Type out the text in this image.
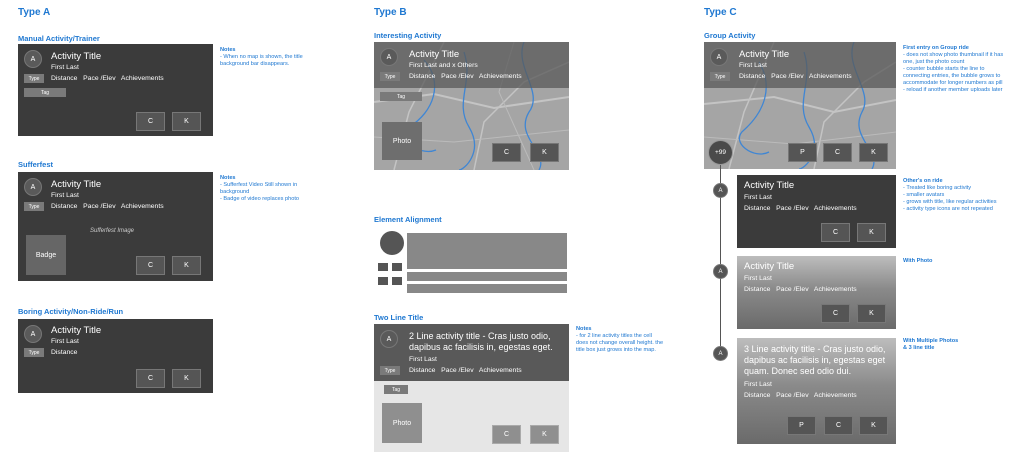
Type A
Manual Activity/Trainer
A	Activity Title
First Last
Type	Distance Pace /Elev Achievements
Tag
C	K
Notes
- When no map is shown, the title
background bar disappears.
Sufferfest
A	Activity Title
First Last
Type	Distance Pace /Elev Achievements
Sufferfest Image
Badge
C	K
Notes
- Sufferfest Video Still shown in
background
- Badge of video replaces photo
Boring Activity/Non-Ride/Run
A	Activity Title
First Last
Type	Distance
C	K
Type B
Interesting Activity
A	Activity Title
First Last and x Others
Type	Distance Pace /Elev Achievements
Tag
Photo
C	K
Element Alignment
Two Line Title
A	2 Line activity title - Cras justo odio,
dapibus ac facilisis in, egestas eget.
First Last
Type	Distance Pace /Elev Achievements
Tag
Photo
C	K
Notes
- for 2 line activity titles the cell
does not change overall height. the
title box just grows into the map.
Type C
Group Activity
A	Activity Title
First Last
Type	Distance Pace /Elev Achievements
P	C	K
+99
First entry on Group ride
- does not show photo thumbnail if it has
one, just the photo count
- counter bubble starts the line to
connecting entries, the bubble grows to
accommodate for longer numbers as pill
- reload if another member uploads later
A	Activity Title
First Last
Distance Pace /Elev Achievements
C	K
Other's on ride
- Treated like boring activity
- smaller avatars
- grows with title, like regular activities
- activity type icons are not repeated
A	Activity Title
First Last
Distance Pace /Elev Achievements
C	K
With Photo
A	3 Line activity title - Cras justo odio,
dapibus ac facilisis in, egestas eget
quam. Donec sed odio dui.
First Last
Distance Pace /Elev Achievements
P	C	K
With Multiple Photos
& 3 line title
